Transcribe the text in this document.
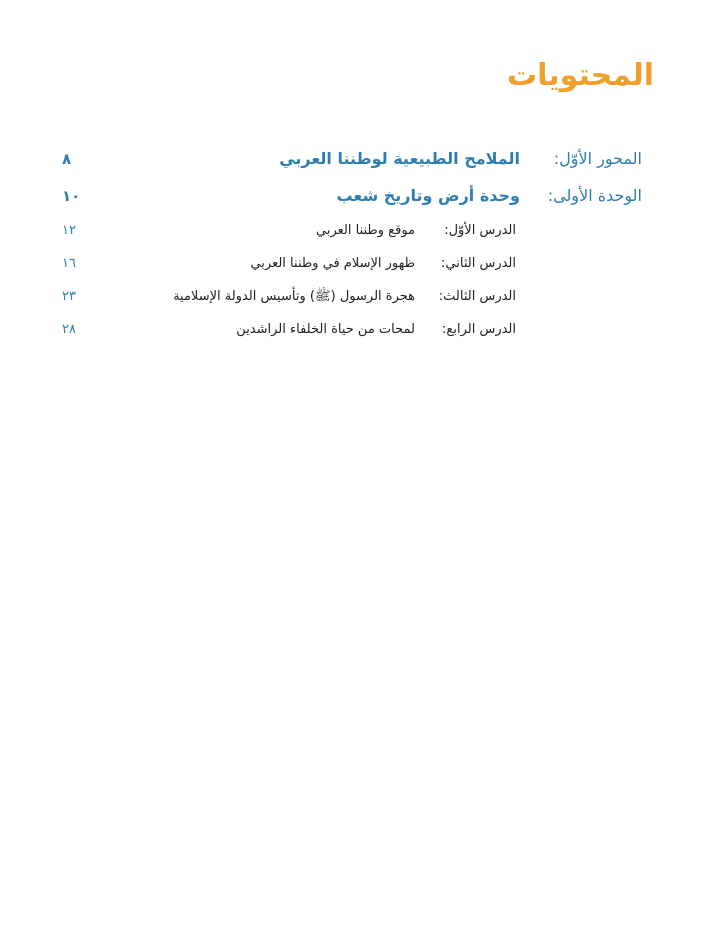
المحتويات
المحور الأوّل:
الملامح الطبيعية لوطننا العربي
٨
الوحدة الأولى:
وحدة أرض وتاريخ شعب
١٠
الدرس الأوّل:
موقع وطننا العربي
١٢
الدرس الثاني:
ظهور الإسلام في وطننا العربي
١٦
الدرس الثالث:
هجرة الرسول (ﷺ) وتأسيس الدولة الإسلامية
٢٣
الدرس الرابع:
لمحات من حياة الخلفاء الراشدين
٢٨
